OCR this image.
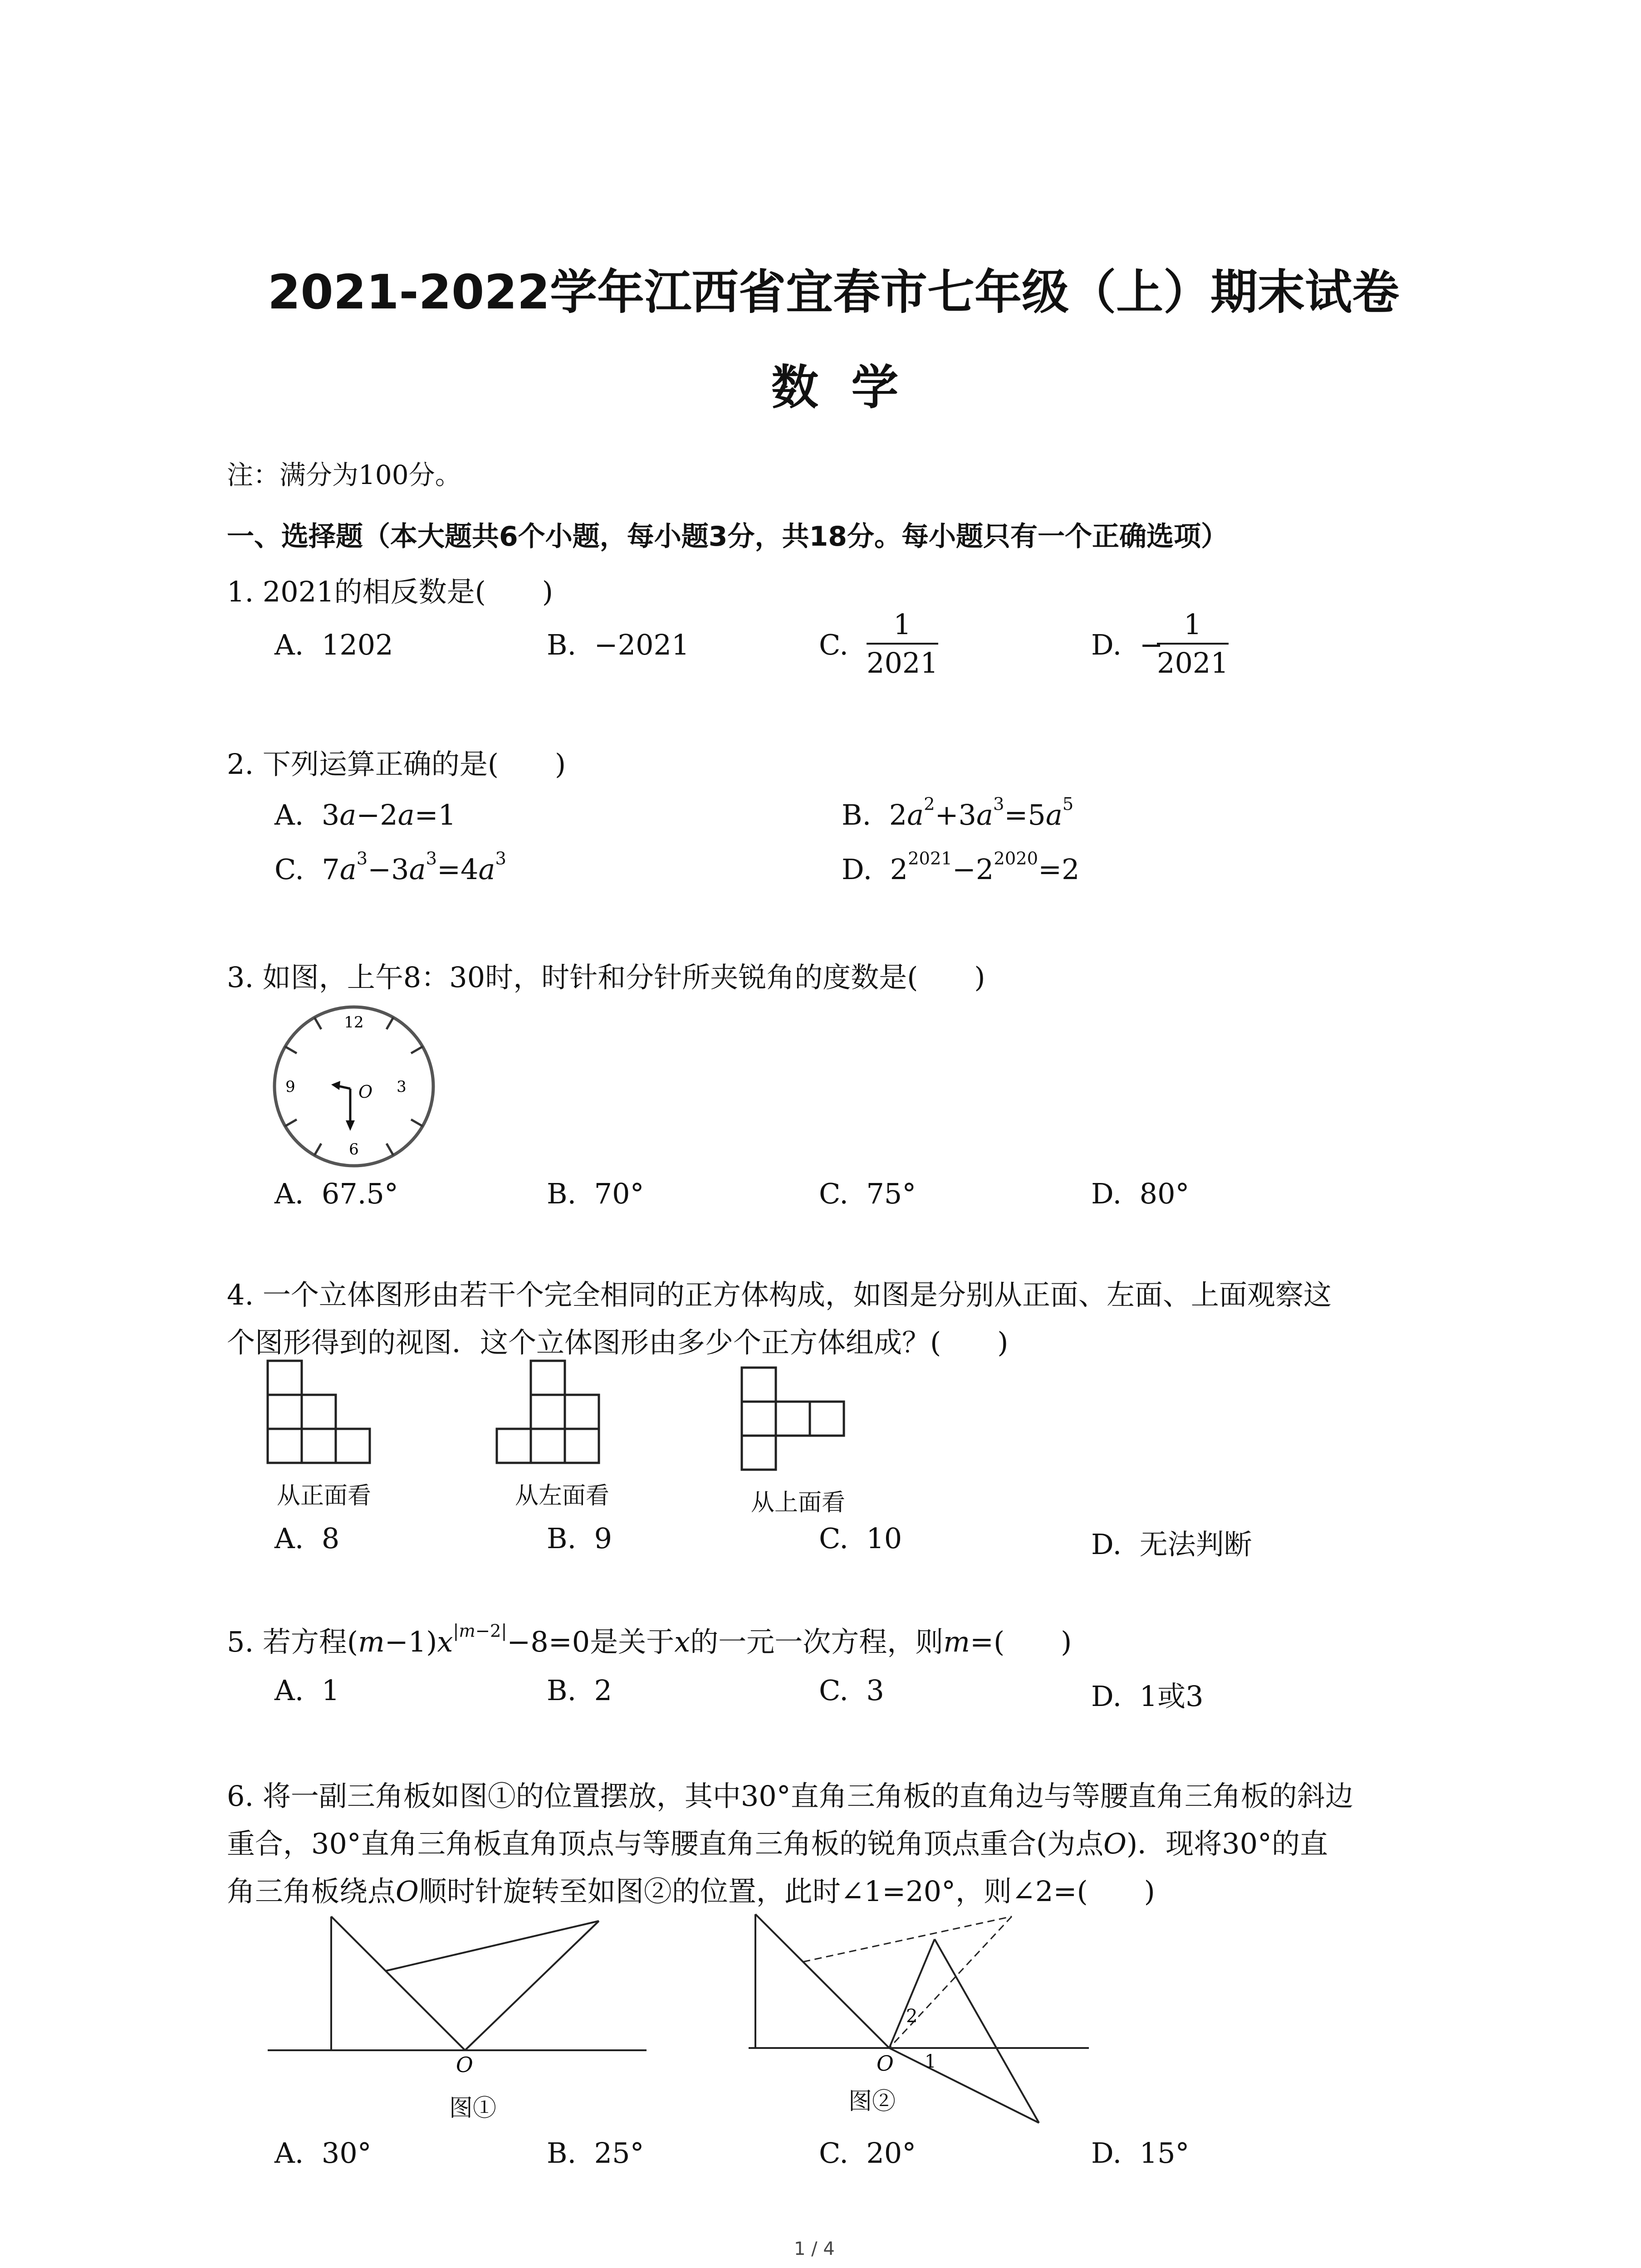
2021-2022学年江西省宜春市七年级（上）期末试卷
数  学
注：满分为100分。
一、选择题（本大题共6个小题，每小题3分，共18分。每小题只有一个正确选项）
1. 2021的相反数是(　　)
A.  1202	B.  −2021	C. $\frac{1}{2021}$	D.  −
$\frac{1}{2021}$
2. 下列运算正确的是(　　)
A.  3a−2a=1	B.  $2a^2+3a^3=5a^5$
C.  $7a^3-3a^3=4a^3$	D.  $2^{2021}-2^{2020}=2$
3. 如图，上午8：30时，时针和分针所夹锐角的度数是(　　)
12
3
6
9	O
A.  67.5°	B.  70°	C.  75°	D.  80°
4. 一个立体图形由若干个完全相同的正方体构成，如图是分别从正面、左面、上面观察这
个图形得到的视图．这个立体图形由多少个正方体组成？(　　)
从正面看	从左面看	从上面看
A.  8	B.  9	C.  10	D.  无法判断
5. 若方程$(m-1)x^{|m-2|}-8=0$是关于x的一元一次方程，则m=(　　)
A.  1	B.  2	C.  3	D.  1或3
6. 将一副三角板如图①的位置摆放，其中30°直角三角板的直角边与等腰直角三角板的斜边
重合，30°直角三角板直角顶点与等腰直角三角板的锐角顶点重合(为点O)．现将30°的直
角三角板绕点O顺时针旋转至如图②的位置，此时∠1=20°，则∠2=(　　)
O
图①
O 1
2
图②
A.  30°	B.  25°	C.  20°	D.  15°
1 / 4
